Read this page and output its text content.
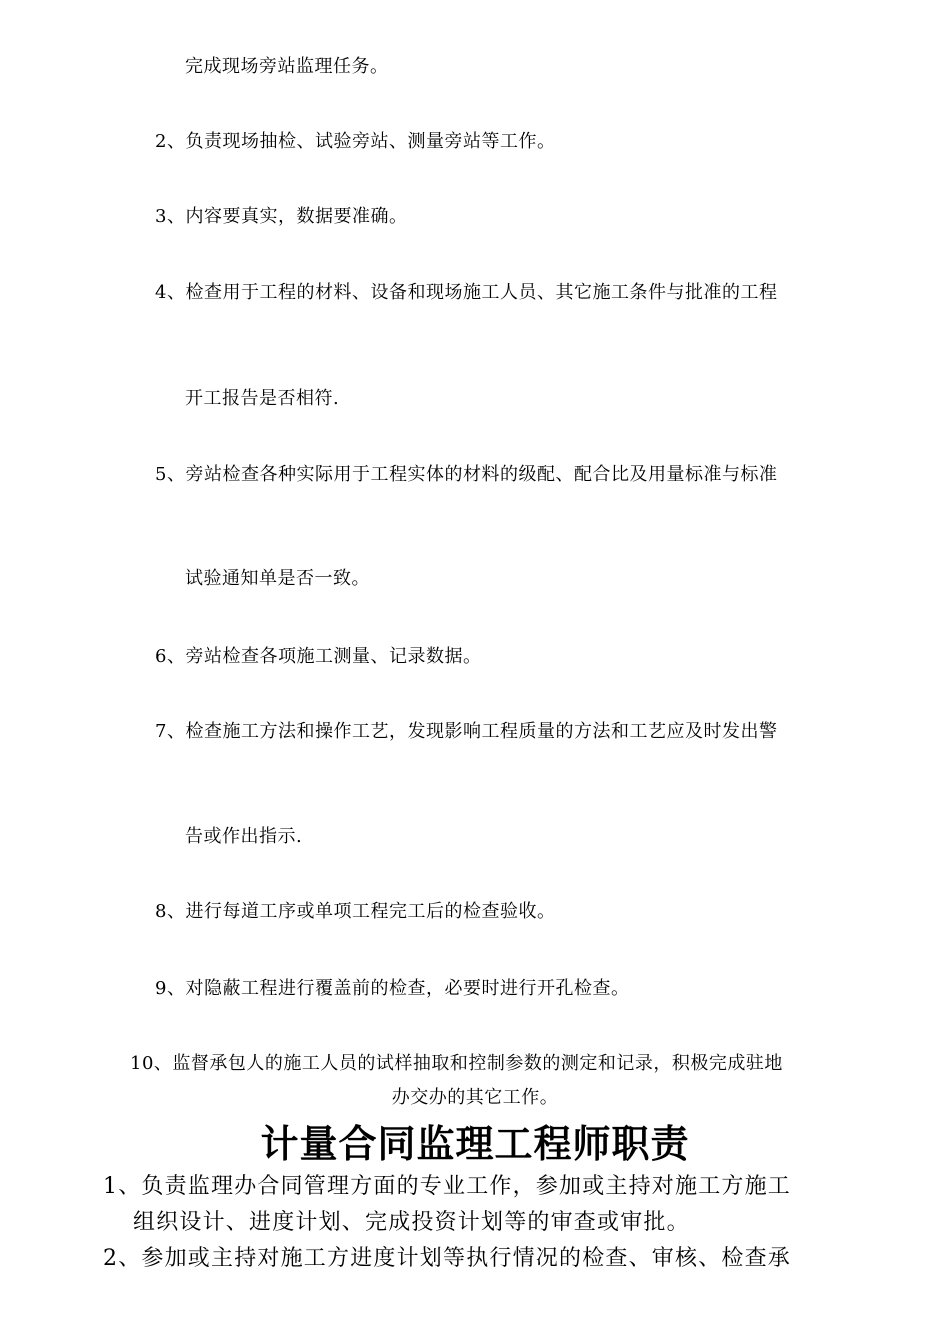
完成现场旁站监理任务。
2、负责现场抽检、试验旁站、测量旁站等工作。
3、内容要真实，数据要准确。
4、检查用于工程的材料、设备和现场施工人员、其它施工条件与批准的工程
开工报告是否相符.
5、旁站检查各种实际用于工程实体的材料的级配、配合比及用量标准与标准
试验通知单是否一致。
6、旁站检查各项施工测量、记录数据。
7、检查施工方法和操作工艺，发现影响工程质量的方法和工艺应及时发出警
告或作出指示.
8、进行每道工序或单项工程完工后的检查验收。
9、对隐蔽工程进行覆盖前的检查，必要时进行开孔检查。
10、监督承包人的施工人员的试样抽取和控制参数的测定和记录，积极完成驻地
办交办的其它工作。
计量合同监理工程师职责
1、负责监理办合同管理方面的专业工作，参加或主持对施工方施工
组织设计、进度计划、完成投资计划等的审查或审批。
2、参加或主持对施工方进度计划等执行情况的检查、审核、检查承
